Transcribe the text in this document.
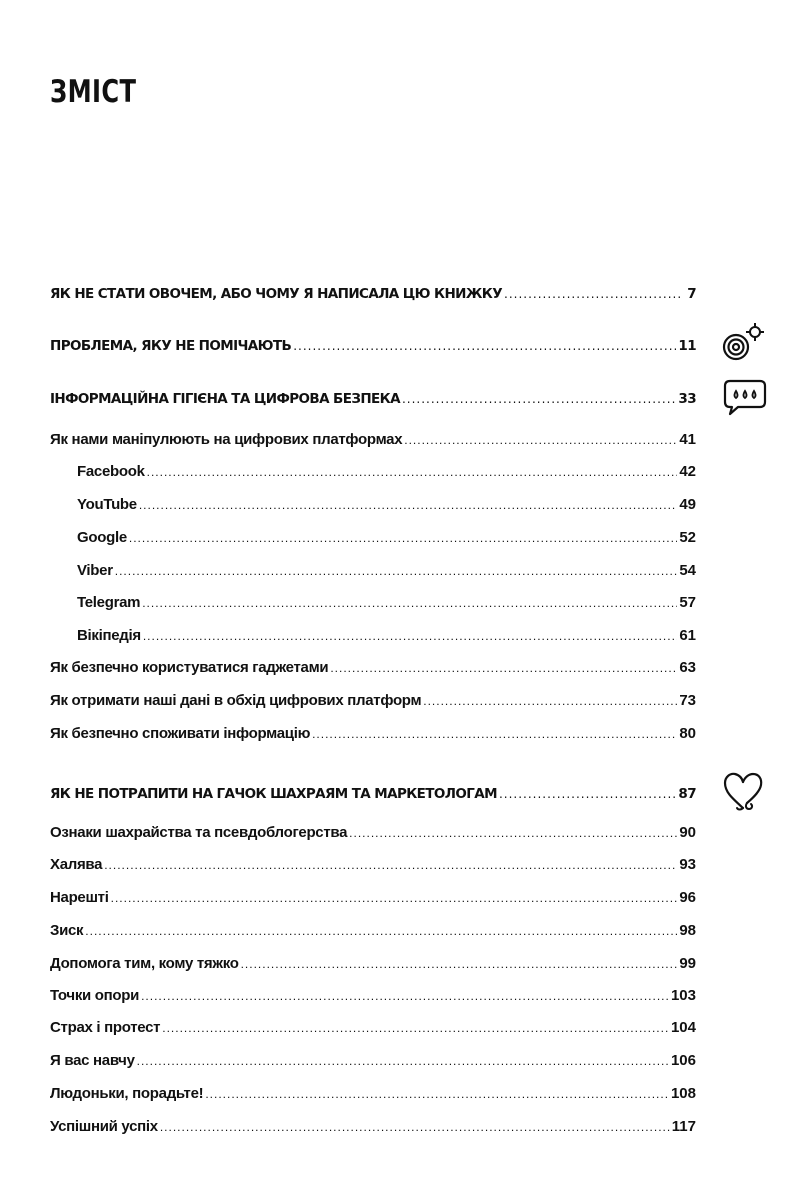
ЗМІСТ
ЯК НЕ СТАТИ ОВОЧЕМ, АБО ЧОМУ Я НАПИСАЛА ЦЮ КНИЖКУ .....	7
ПРОБЛЕМА, ЯКУ НЕ ПОМІЧАЮТЬ .....	11
ІНФОРМАЦІЙНА ГІГІЄНА ТА ЦИФРОВА БЕЗПЕКА .....	33
Як нами маніпулюють на цифрових платформах .....	41
Facebook .....	42
YouTube .....	49
Google .....	52
Viber .....	54
Telegram .....	57
Вікіпедія .....	61
Як безпечно користуватися гаджетами .....	63
Як отримати наші дані в обхід цифрових платформ .....	73
Як безпечно споживати інформацію .....	80
ЯК НЕ ПОТРАПИТИ НА ГАЧОК ШАХРАЯМ ТА МАРКЕТОЛОГАМ .....	87
Ознаки шахрайства та псевдоблогерства .....	90
Халява .....	93
Нарешті .....	96
Зиск .....	98
Допомога тим, кому тяжко .....	99
Точки опори .....	103
Страх і протест .....	104
Я вас навчу .....	106
Людоньки, порадьте! .....	108
Успішний успіх .....	117
